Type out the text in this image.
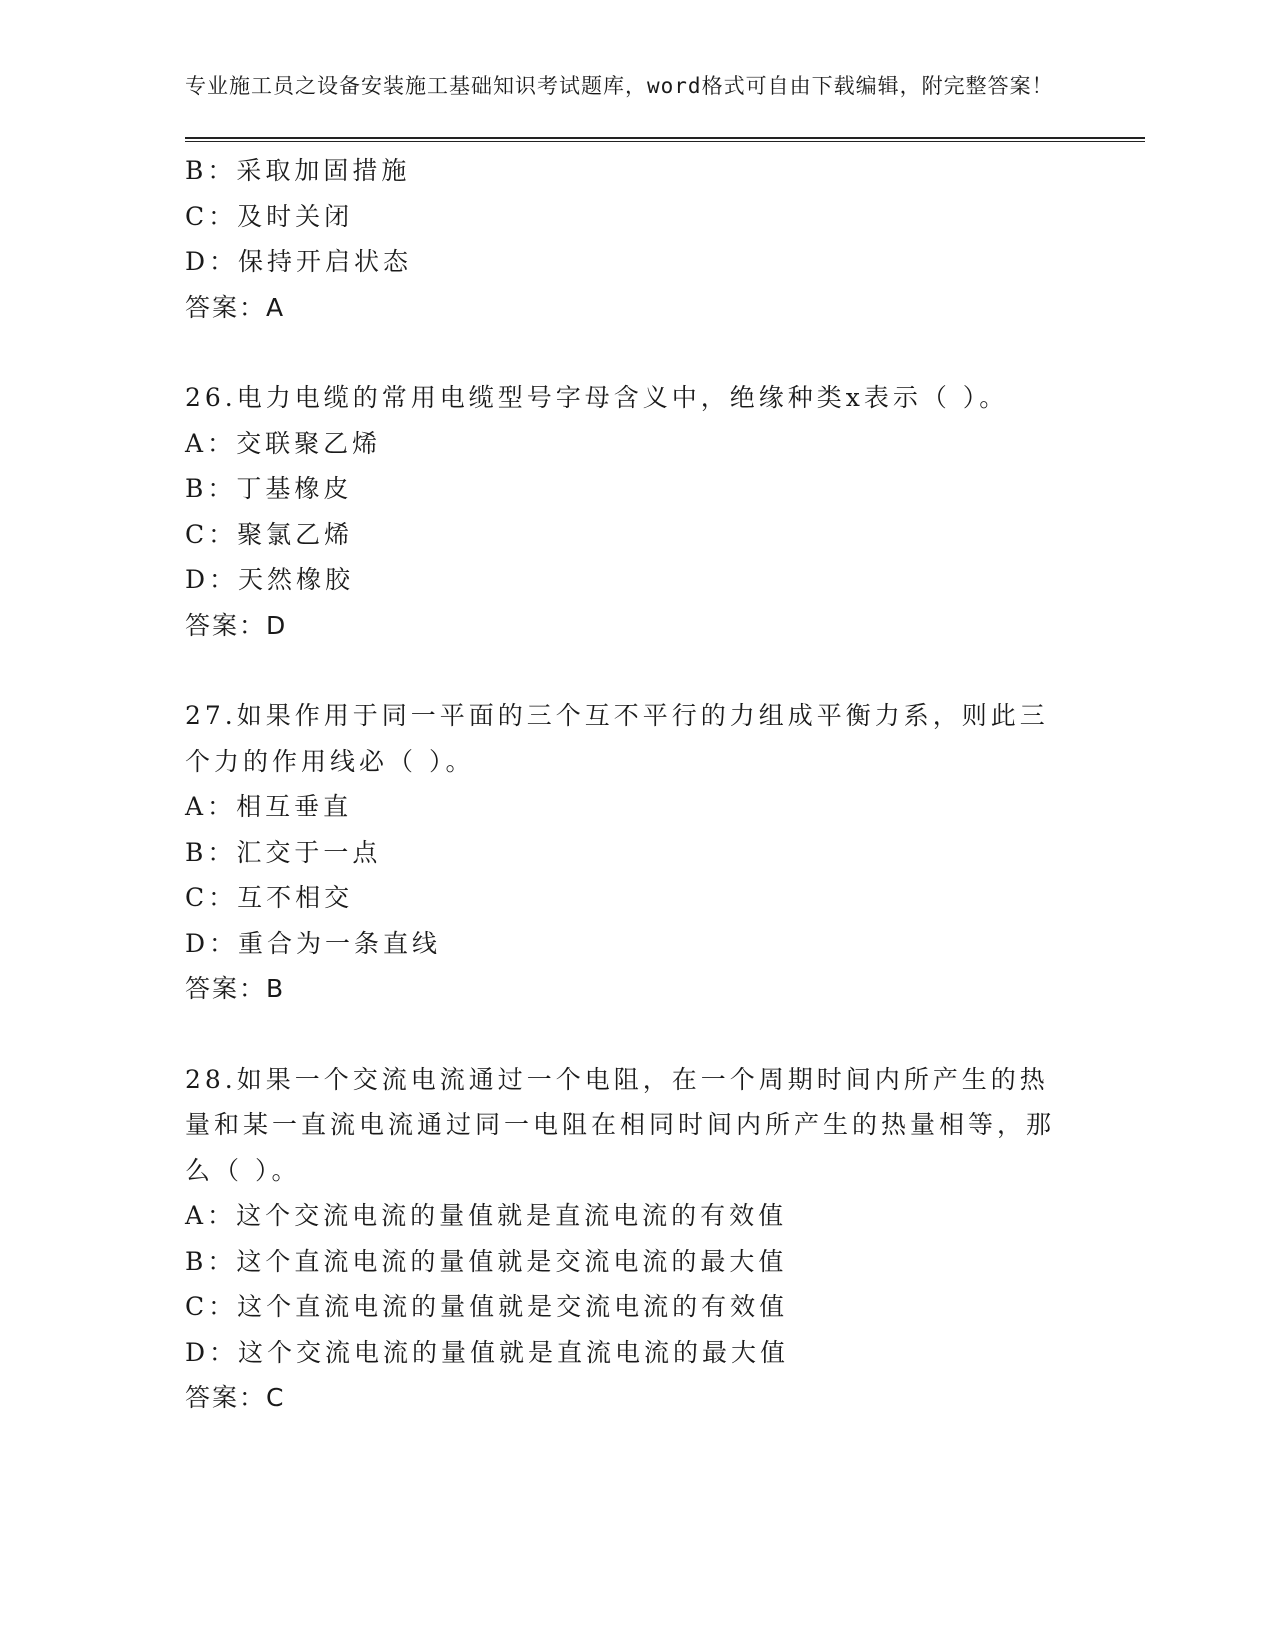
专业施工员之设备安装施工基础知识考试题库，word格式可自由下载编辑，附完整答案！
B：采取加固措施
C：及时关闭
D：保持开启状态
答案：A
26.电力电缆的常用电缆型号字母含义中，绝缘种类x表示（ ）。
A：交联聚乙烯
B：丁基橡皮
C：聚氯乙烯
D：天然橡胶
答案：D
27.如果作用于同一平面的三个互不平行的力组成平衡力系，则此三个力的作用线必（ ）。
A：相互垂直
B：汇交于一点
C：互不相交
D：重合为一条直线
答案：B
28.如果一个交流电流通过一个电阻，在一个周期时间内所产生的热量和某一直流电流通过同一电阻在相同时间内所产生的热量相等，那么（ ）。
A：这个交流电流的量值就是直流电流的有效值
B：这个直流电流的量值就是交流电流的最大值
C：这个直流电流的量值就是交流电流的有效值
D：这个交流电流的量值就是直流电流的最大值
答案：C
